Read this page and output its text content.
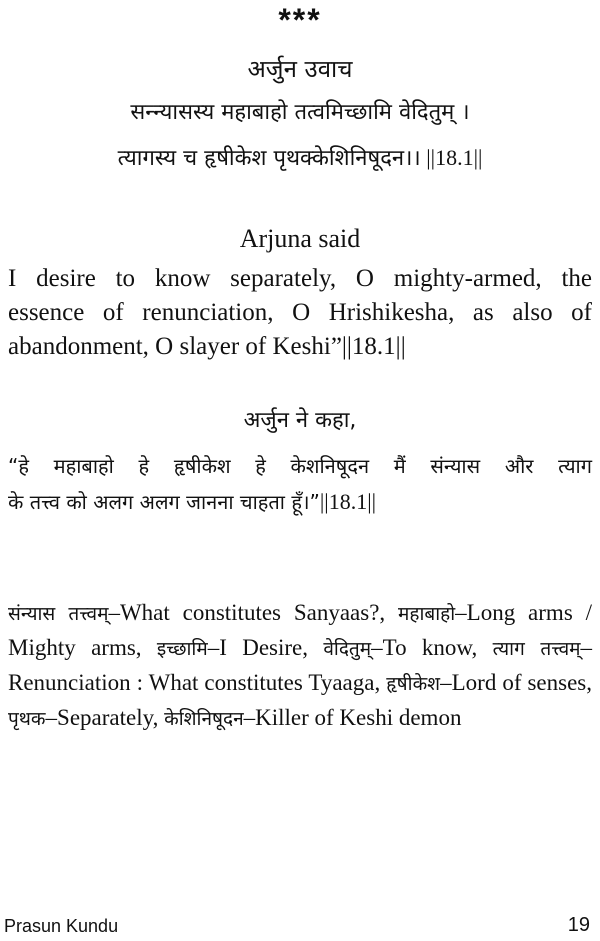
***
अर्जुन उवाच
सन्न्यासस्य महाबाहो तत्वमिच्छामि वेदितुम् ।
त्यागस्य च हृषीकेश पृथक्केशिनिषूदन।। ||18.1||
Arjuna said
I desire to know separately, O mighty-armed, the
essence of renunciation, O Hrishikesha, as also of
abandonment, O slayer of Keshi”||18.1||
अर्जुन ने कहा,
“हे महाबाहो हे हृषीकेश हे केशनिषूदन मैं संन्यास और त्याग
के तत्त्व को अलग अलग जानना चाहता हूँ।”||18.1||
संन्यास तत्त्वम्–What constitutes Sanyaas?, महाबाहो–Long arms / Mighty arms, इच्छामि–I Desire, वेदितुम्–To know, त्याग तत्त्वम्–Renunciation : What constitutes Tyaaga, हृषीकेश–Lord of senses, पृथक–Separately, केशिनिषूदन–Killer of Keshi demon
Prasun Kundu	19
